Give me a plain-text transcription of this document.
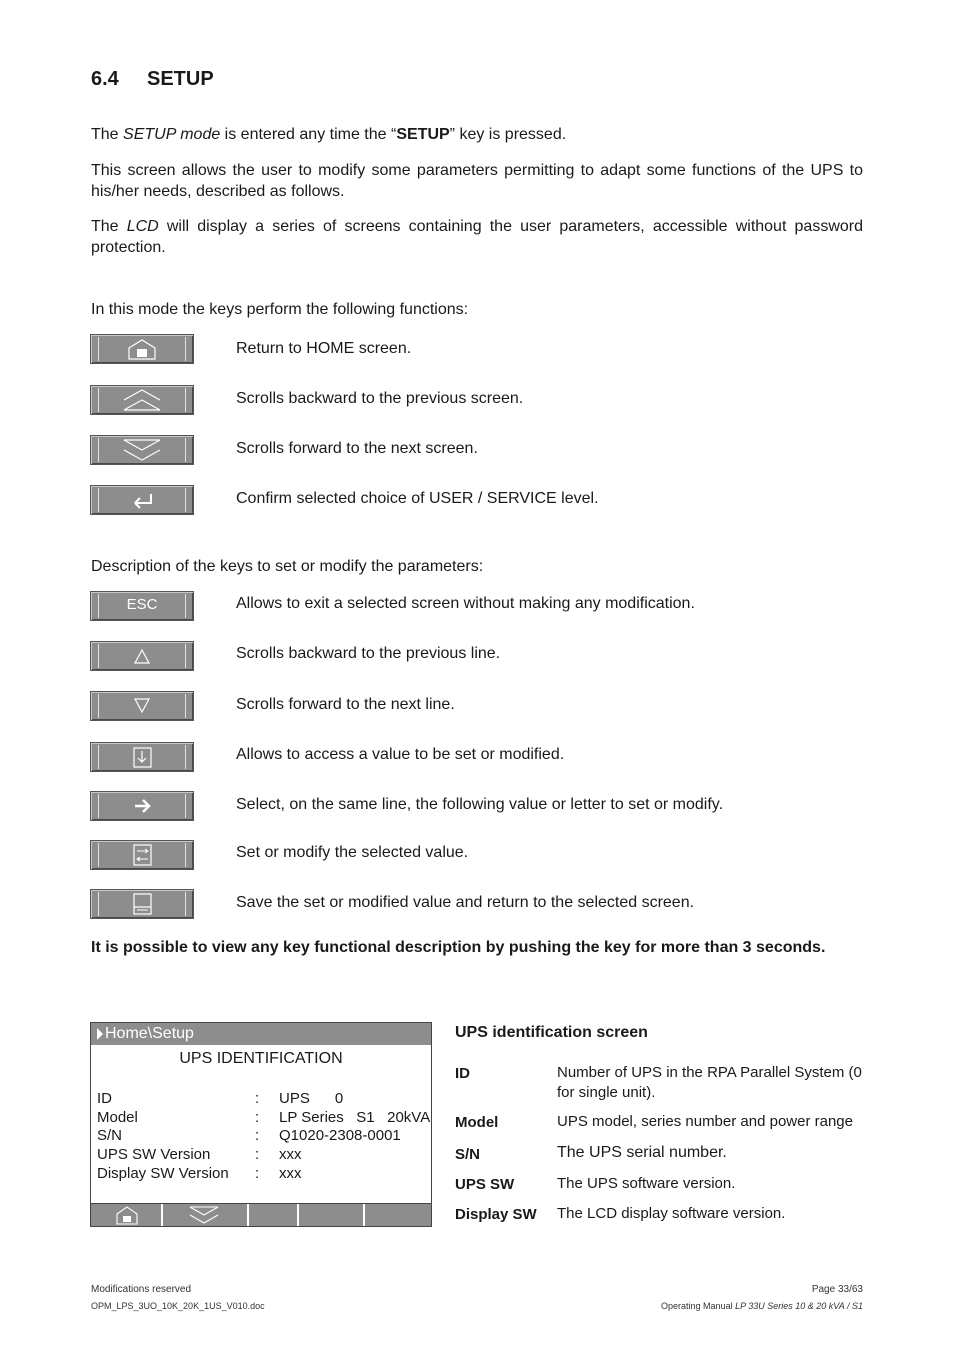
6.4 SETUP
The SETUP mode is entered any time the “SETUP” key is pressed.
This screen allows the user to modify some parameters permitting to adapt some functions of the UPS to his/her needs, described as follows.
The LCD will display a series of screens containing the user parameters, accessible without password protection.
In this mode the keys perform the following functions:
Return to HOME screen.
Scrolls backward to the previous screen.
Scrolls forward to the next screen.
Confirm selected choice of USER / SERVICE level.
Description of the keys to set or modify the parameters:
ESC	Allows to exit a selected screen without making any modification.
Scrolls backward to the previous line.
Scrolls forward to the next line.
Allows to access a value to be set or modified.
Select, on the same line, the following value or letter to set or modify.
Set or modify the selected value.
Save the set or modified value and return to the selected screen.
It is possible to view any key functional description by pushing the key for more than 3 seconds.
Home\Setup
UPS IDENTIFICATION
ID	: UPS      0
Model	: LP Series   S1   20kVA
S/N	: Q1020-2308-0001
UPS SW Version	: xxx
Display SW Version : xxx
UPS identification screen
ID	Number of UPS in the RPA Parallel System (0 for single unit).
Model	UPS model, series number and power range
S/N	The UPS serial number.
UPS SW	The UPS software version.
Display SW The LCD display software version.
Modifications reserved
OPM_LPS_3UO_10K_20K_1US_V010.doc
Page 33/63
Operating Manual LP 33U Series 10 & 20 kVA / S1
